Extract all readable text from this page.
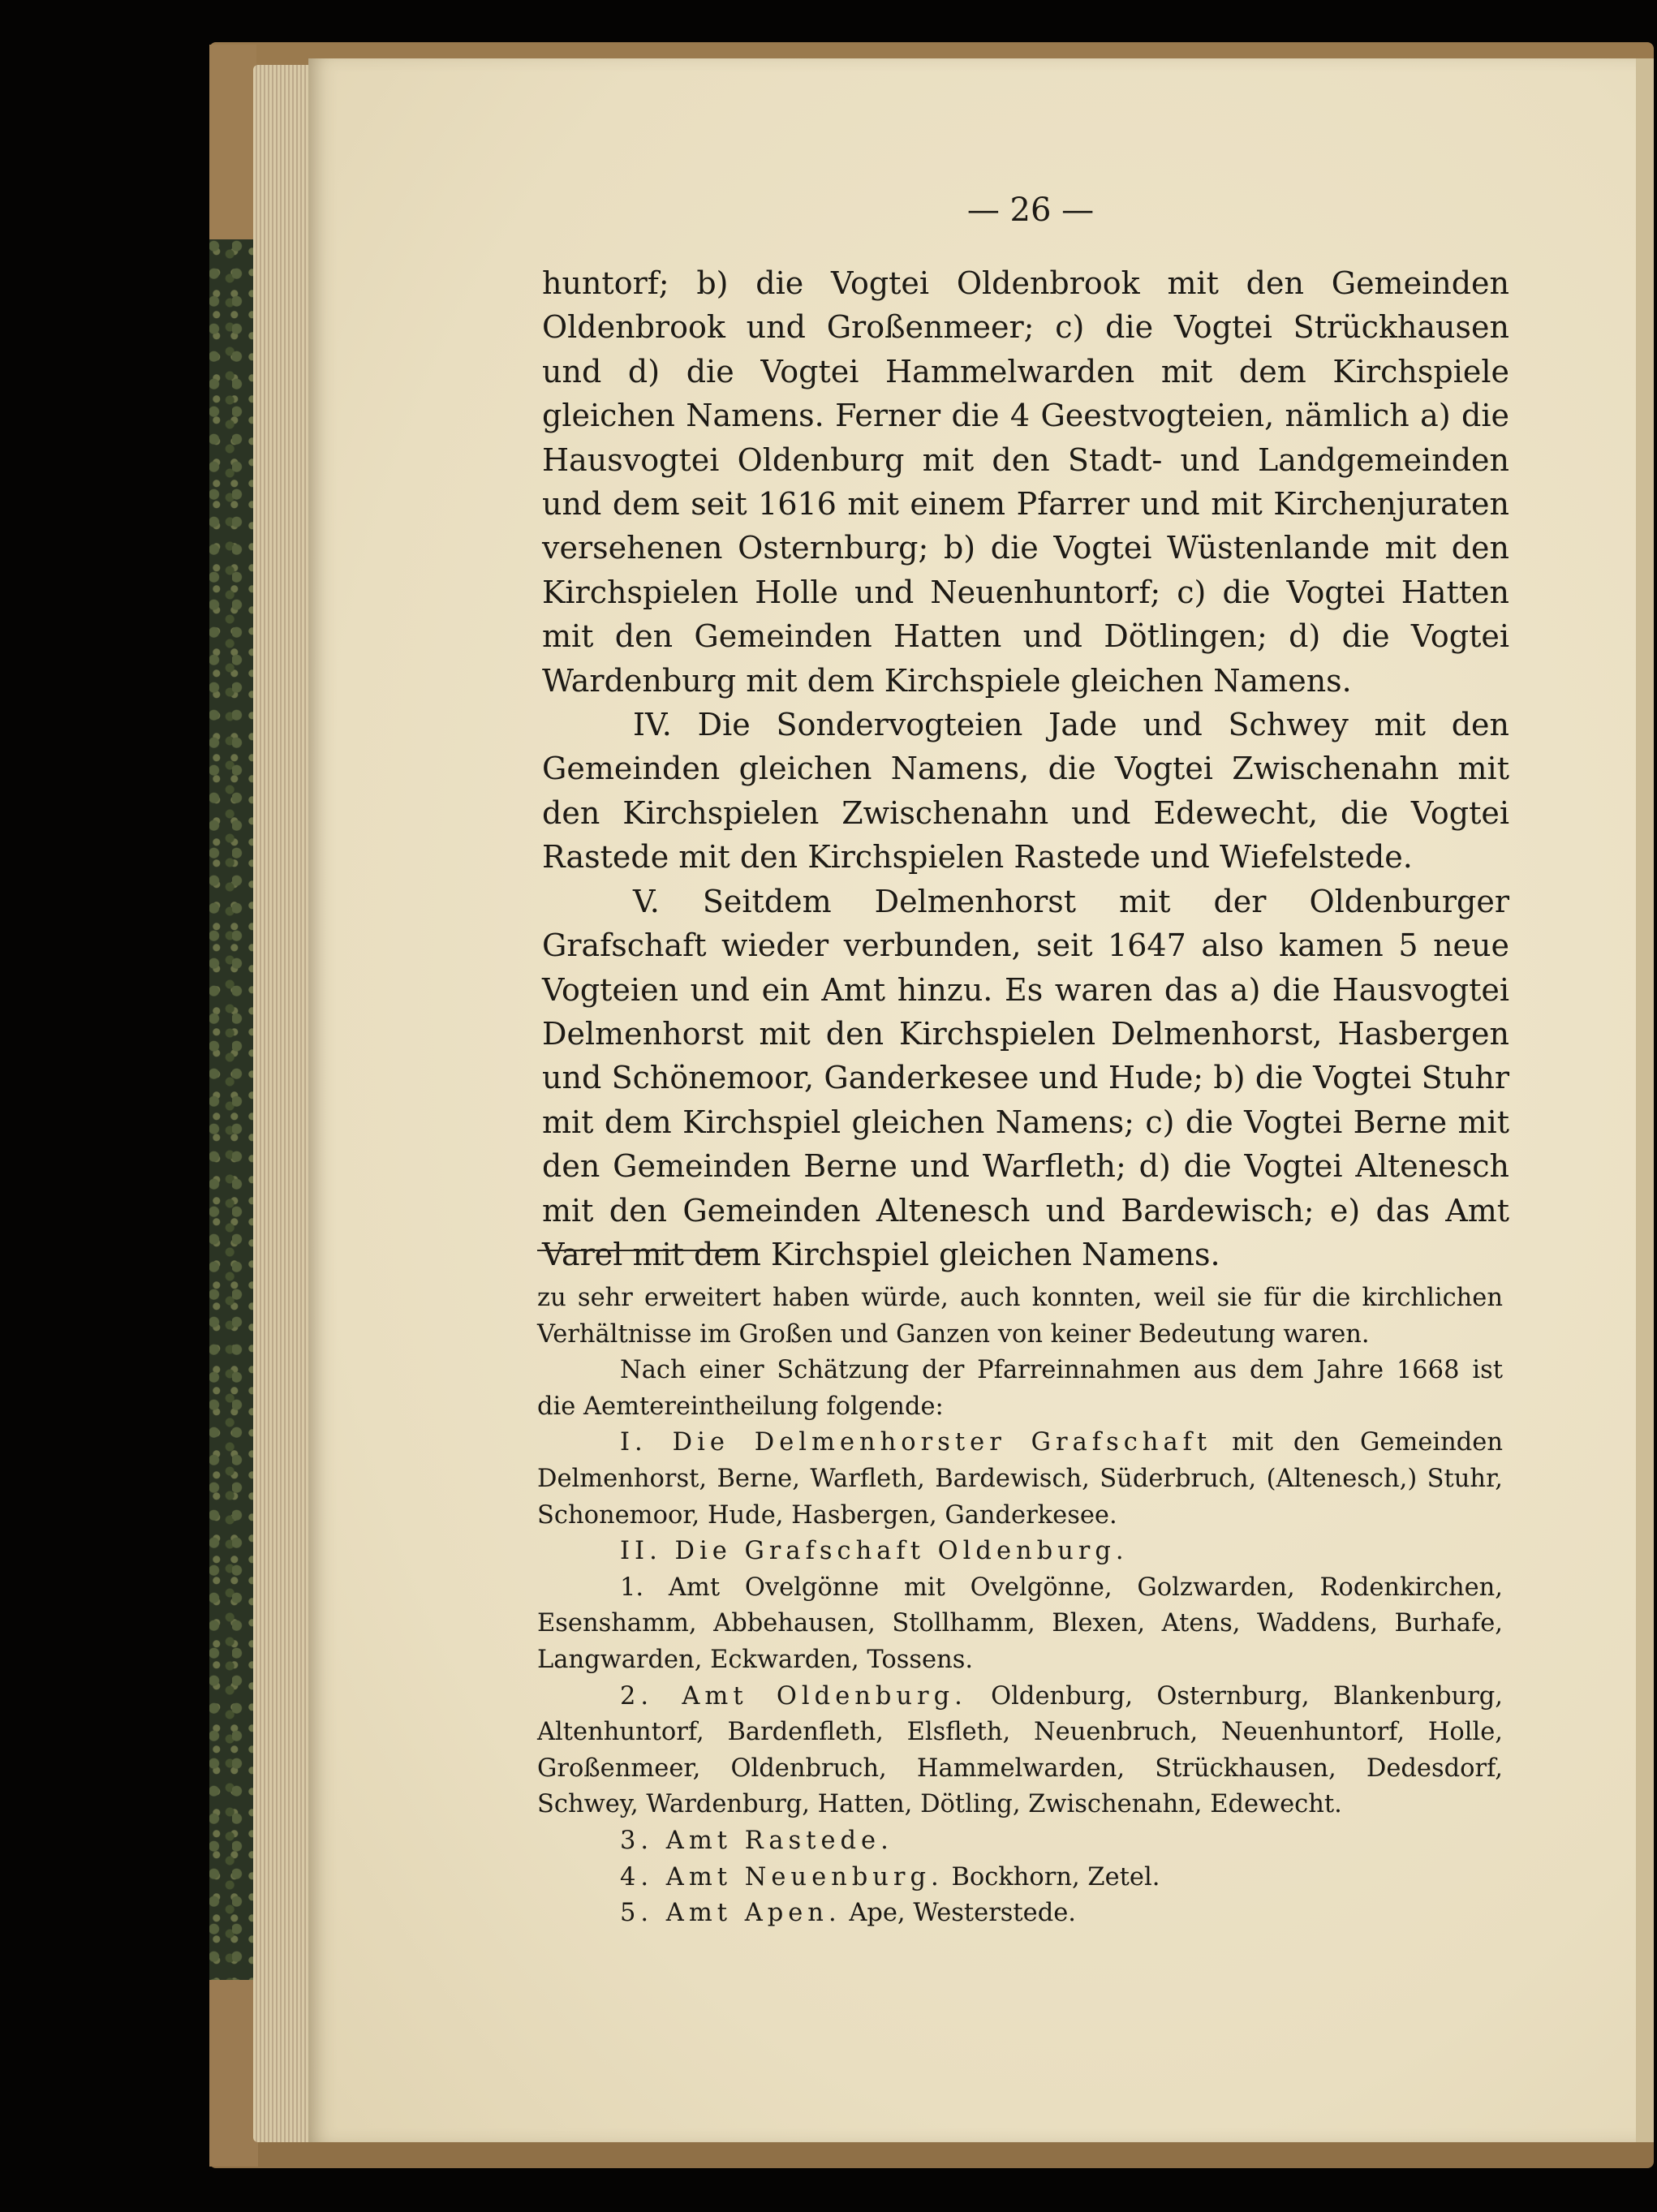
— 26 —

huntorf; b) die Vogtei Oldenbrook mit den Gemeinden Oldenbrook und Großenmeer; c) die Vogtei Strückhausen und d) die Vogtei Hammelwarden mit dem Kirchspiele gleichen Namens. Ferner die 4 Geestvogteien, nämlich a) die Hausvogtei Oldenburg mit den Stadt- und Landgemeinden und dem seit 1616 mit einem Pfarrer und mit Kirchenjuraten versehenen Osternburg; b) die Vogtei Wüstenlande mit den Kirchspielen Holle und Neuenhuntorf; c) die Vogtei Hatten mit den Gemeinden Hatten und Dötlingen; d) die Vogtei Wardenburg mit dem Kirchspiele gleichen Namens.

IV. Die Sondervogteien Jade und Schwey mit den Gemeinden gleichen Namens, die Vogtei Zwischenahn mit den Kirchspielen Zwischenahn und Edewecht, die Vogtei Rastede mit den Kirchspielen Rastede und Wiefelstede.

V. Seitdem Delmenhorst mit der Oldenburger Grafschaft wieder verbunden, seit 1647 also kamen 5 neue Vogteien und ein Amt hinzu. Es waren das a) die Hausvogtei Delmenhorst mit den Kirchspielen Delmenhorst, Hasbergen und Schönemoor, Ganderkesee und Hude; b) die Vogtei Stuhr mit dem Kirchspiel gleichen Namens; c) die Vogtei Berne mit den Gemeinden Berne und Warfleth; d) die Vogtei Altenesch mit den Gemeinden Altenesch und Bardewisch; e) das Amt Varel mit dem Kirchspiel gleichen Namens.

zu sehr erweitert haben würde, auch konnten, weil sie für die kirchlichen Verhältnisse im Großen und Ganzen von keiner Bedeutung waren.

Nach einer Schätzung der Pfarreinnahmen aus dem Jahre 1668 ist die Aemtereintheilung folgende:

I. Die Delmenhorster Grafschaft mit den Gemeinden Delmenhorst, Berne, Warfleth, Bardewisch, Süderbruch, (Altenesch,) Stuhr, Schonemoor, Hude, Hasbergen, Ganderkesee.

II. Die Grafschaft Oldenburg.

1. Amt Ovelgönne mit Ovelgönne, Golzwarden, Rodenkirchen, Esenshamm, Abbehausen, Stollhamm, Blexen, Atens, Waddens, Burhafe, Langwarden, Eckwarden, Tossens.

2. Amt Oldenburg. Oldenburg, Osternburg, Blankenburg, Altenhuntorf, Bardenfleth, Elsfleth, Neuenbruch, Neuenhuntorf, Holle, Großenmeer, Oldenbruch, Hammelwarden, Strückhausen, Dedesdorf, Schwey, Wardenburg, Hatten, Dötling, Zwischenahn, Edewecht.

3. Amt Rastede.

4. Amt Neuenburg. Bockhorn, Zetel.

5. Amt Apen. Ape, Westerstede.
